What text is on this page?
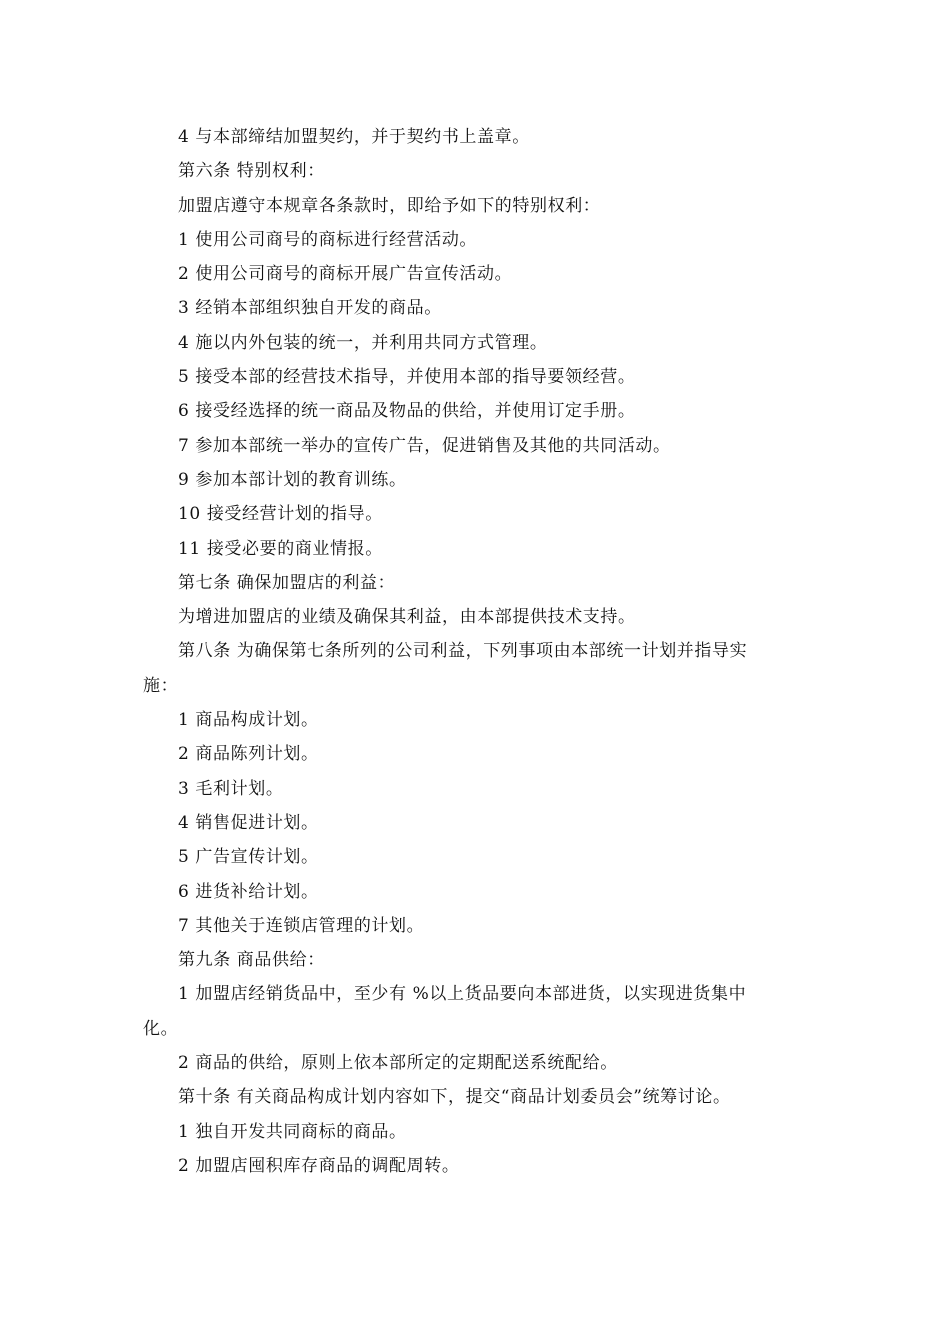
4 与本部缔结加盟契约，并于契约书上盖章。
第六条 特别权利：
加盟店遵守本规章各条款时，即给予如下的特别权利：
1 使用公司商号的商标进行经营活动。
2 使用公司商号的商标开展广告宣传活动。
3 经销本部组织独自开发的商品。
4 施以内外包装的统一，并利用共同方式管理。
5 接受本部的经营技术指导，并使用本部的指导要领经营。
6 接受经选择的统一商品及物品的供给，并使用订定手册。
7 参加本部统一举办的宣传广告，促进销售及其他的共同活动。
9 参加本部计划的教育训练。
10 接受经营计划的指导。
11 接受必要的商业情报。
第七条 确保加盟店的利益：
为增进加盟店的业绩及确保其利益，由本部提供技术支持。
第八条 为确保第七条所列的公司利益，下列事项由本部统一计划并指导实
施：
1 商品构成计划。
2 商品陈列计划。
3 毛利计划。
4 销售促进计划。
5 广告宣传计划。
6 进货补给计划。
7 其他关于连锁店管理的计划。
第九条 商品供给：
1 加盟店经销货品中，至少有 %以上货品要向本部进货，以实现进货集中
化。
2 商品的供给，原则上依本部所定的定期配送系统配给。
第十条 有关商品构成计划内容如下，提交“商品计划委员会”统筹讨论。
1 独自开发共同商标的商品。
2 加盟店囤积库存商品的调配周转。
